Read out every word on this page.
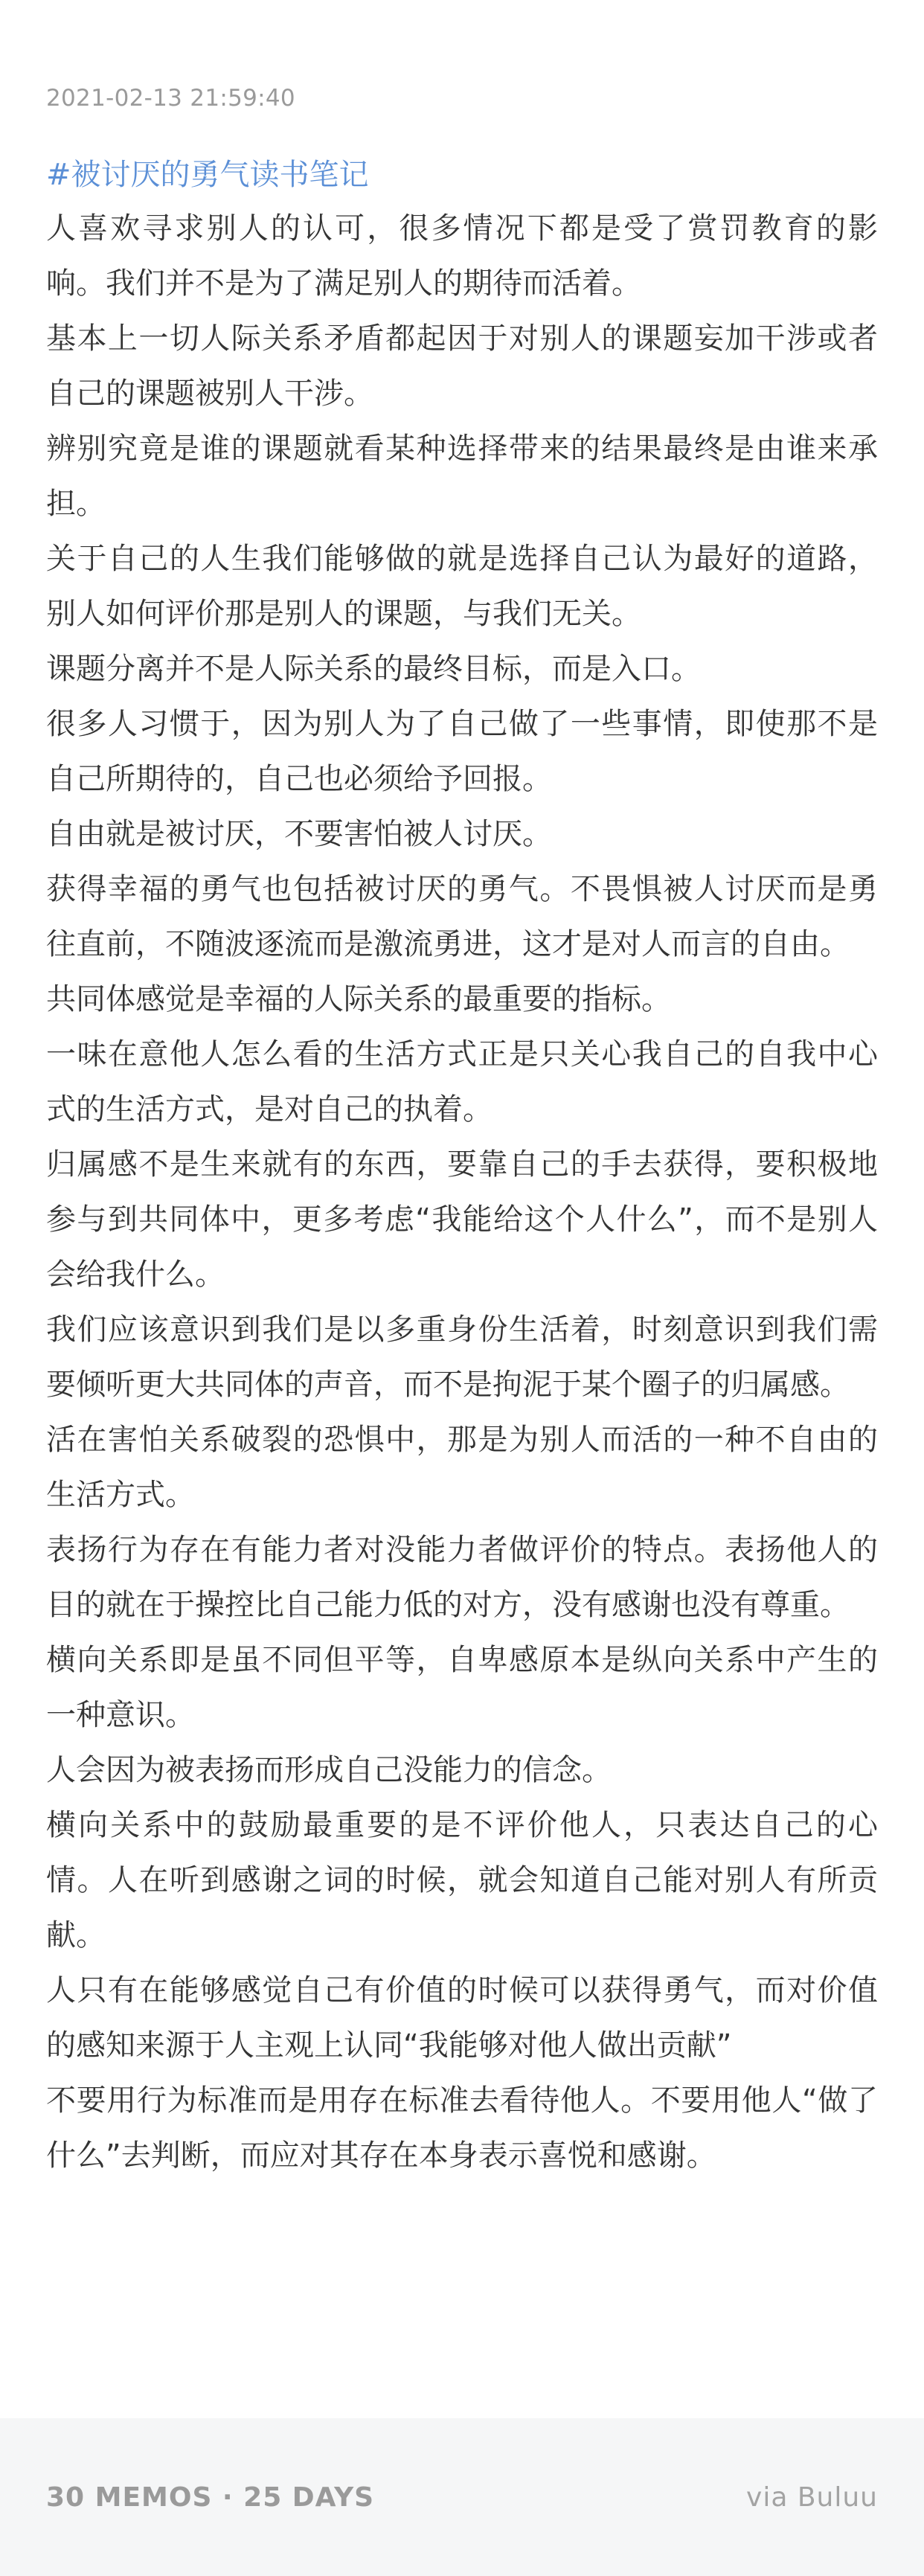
2021-02-13 21:59:40
#被讨厌的勇气读书笔记

人喜欢寻求别人的认可，很多情况下都是受了赏罚教育的影响。我们并不是为了满足别人的期待而活着。

基本上一切人际关系矛盾都起因于对别人的课题妄加干涉或者自己的课题被别人干涉。

辨别究竟是谁的课题就看某种选择带来的结果最终是由谁来承担。

关于自己的人生我们能够做的就是选择自己认为最好的道路，别人如何评价那是别人的课题，与我们无关。

课题分离并不是人际关系的最终目标，而是入口。

很多人习惯于，因为别人为了自己做了一些事情，即使那不是自己所期待的，自己也必须给予回报。

自由就是被讨厌，不要害怕被人讨厌。

获得幸福的勇气也包括被讨厌的勇气。不畏惧被人讨厌而是勇往直前，不随波逐流而是激流勇进，这才是对人而言的自由。

共同体感觉是幸福的人际关系的最重要的指标。

一味在意他人怎么看的生活方式正是只关心我自己的自我中心式的生活方式，是对自己的执着。

归属感不是生来就有的东西，要靠自己的手去获得，要积极地参与到共同体中，更多考虑“我能给这个人什么”，而不是别人会给我什么。

我们应该意识到我们是以多重身份生活着，时刻意识到我们需要倾听更大共同体的声音，而不是拘泥于某个圈子的归属感。

活在害怕关系破裂的恐惧中，那是为别人而活的一种不自由的生活方式。

表扬行为存在有能力者对没能力者做评价的特点。表扬他人的目的就在于操控比自己能力低的对方，没有感谢也没有尊重。

横向关系即是虽不同但平等，自卑感原本是纵向关系中产生的一种意识。

人会因为被表扬而形成自己没能力的信念。

横向关系中的鼓励最重要的是不评价他人，只表达自己的心情。人在听到感谢之词的时候，就会知道自己能对别人有所贡献。

人只有在能够感觉自己有价值的时候可以获得勇气，而对价值的感知来源于人主观上认同“我能够对他人做出贡献”

不要用行为标准而是用存在标准去看待他人。不要用他人“做了什么”去判断，而应对其存在本身表示喜悦和感谢。

30 MEMOS · 25 DAYS	via Buluu
